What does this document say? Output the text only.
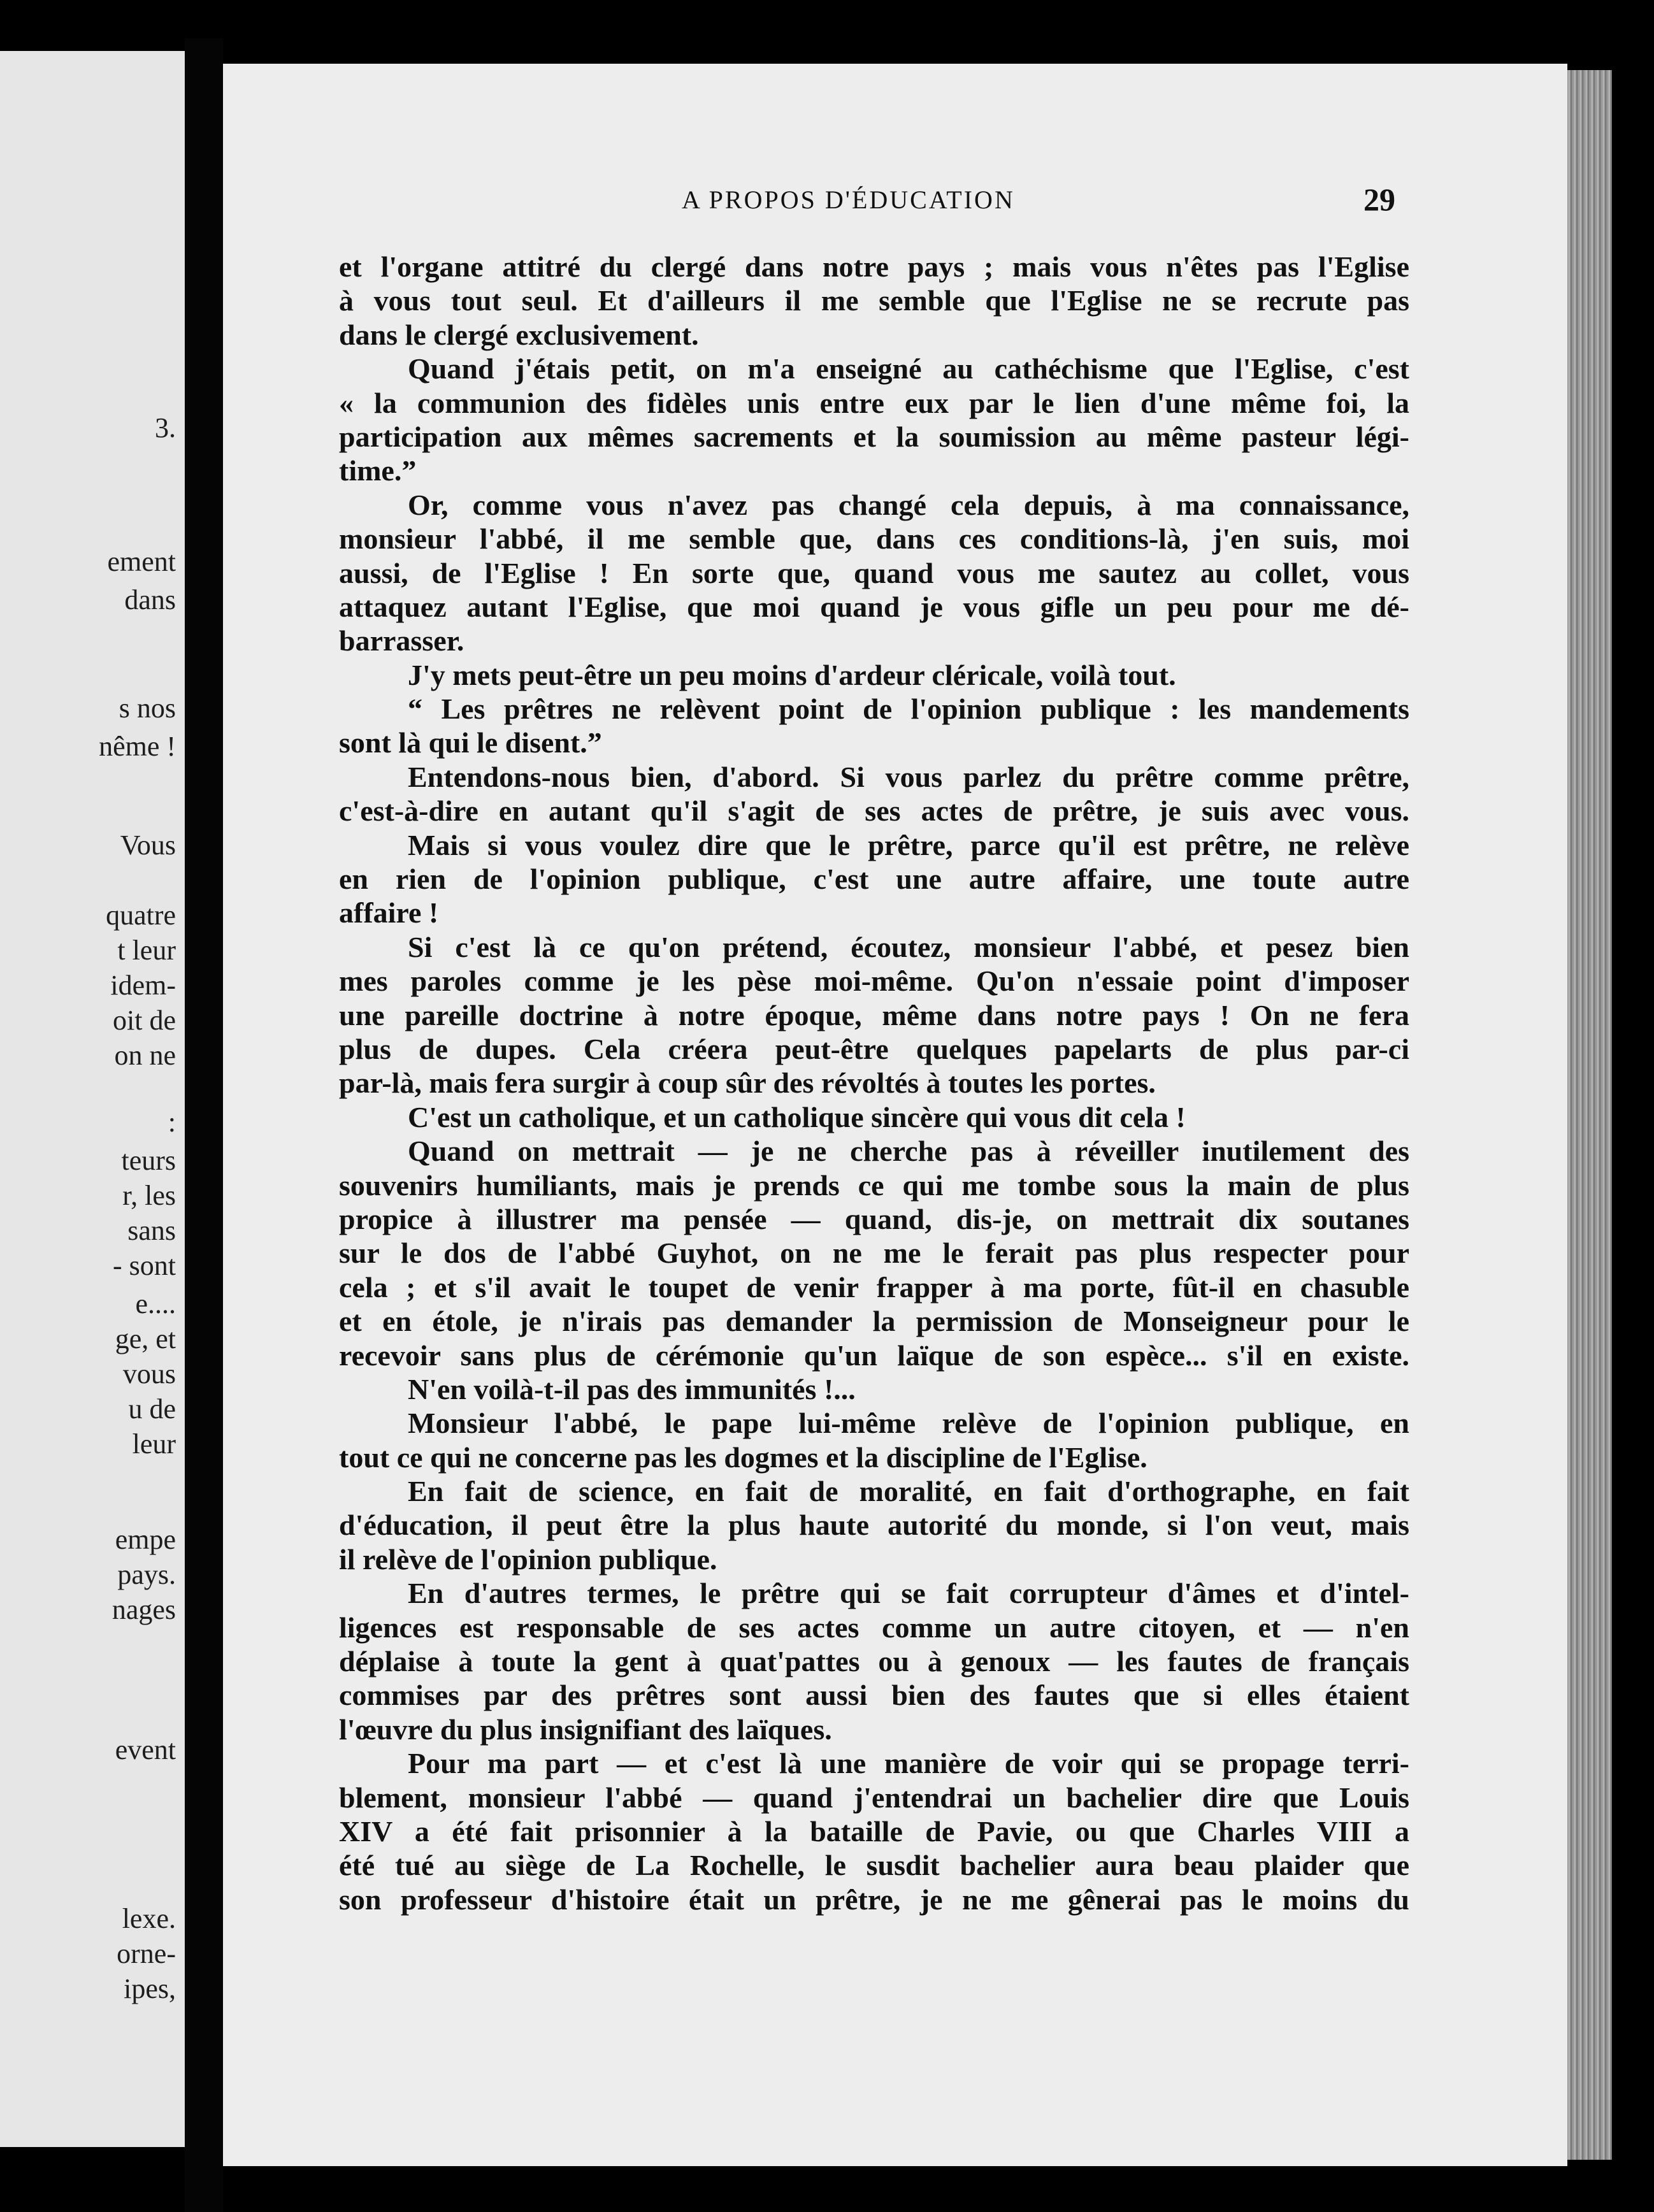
3.
ement
dans
s nos
nême !
Vous
quatre
t leur
idem-
oit de
on ne
:
teurs
r, les
sans
- sont
e....
ge, et
vous
u de
leur
empe
pays.
nages
event
lexe.
orne-
ipes,
A PROPOS D'ÉDUCATION	29
et l'organe attitré du clergé dans notre pays ; mais vous n'êtes pas l'Eglise
à vous tout seul. Et d'ailleurs il me semble que l'Eglise ne se recrute pas
dans le clergé exclusivement.
Quand j'étais petit, on m'a enseigné au cathéchisme que l'Eglise, c'est
« la communion des fidèles unis entre eux par le lien d'une même foi, la
participation aux mêmes sacrements et la soumission au même pasteur légi-
time.”
Or, comme vous n'avez pas changé cela depuis, à ma connaissance,
monsieur l'abbé, il me semble que, dans ces conditions-là, j'en suis, moi
aussi, de l'Eglise ! En sorte que, quand vous me sautez au collet, vous
attaquez autant l'Eglise, que moi quand je vous gifle un peu pour me dé-
barrasser.
J'y mets peut-être un peu moins d'ardeur cléricale, voilà tout.
“ Les prêtres ne relèvent point de l'opinion publique : les mandements
sont là qui le disent.”
Entendons-nous bien, d'abord. Si vous parlez du prêtre comme prêtre,
c'est-à-dire en autant qu'il s'agit de ses actes de prêtre, je suis avec vous.
Mais si vous voulez dire que le prêtre, parce qu'il est prêtre, ne relève
en rien de l'opinion publique, c'est une autre affaire, une toute autre
affaire !
Si c'est là ce qu'on prétend, écoutez, monsieur l'abbé, et pesez bien
mes paroles comme je les pèse moi-même. Qu'on n'essaie point d'imposer
une pareille doctrine à notre époque, même dans notre pays ! On ne fera
plus de dupes. Cela créera peut-être quelques papelarts de plus par-ci
par-là, mais fera surgir à coup sûr des révoltés à toutes les portes.
C'est un catholique, et un catholique sincère qui vous dit cela !
Quand on mettrait — je ne cherche pas à réveiller inutilement des
souvenirs humiliants, mais je prends ce qui me tombe sous la main de plus
propice à illustrer ma pensée — quand, dis-je, on mettrait dix soutanes
sur le dos de l'abbé Guyhot, on ne me le ferait pas plus respecter pour
cela ; et s'il avait le toupet de venir frapper à ma porte, fût-il en chasuble
et en étole, je n'irais pas demander la permission de Monseigneur pour le
recevoir sans plus de cérémonie qu'un laïque de son espèce... s'il en existe.
N'en voilà-t-il pas des immunités !...
Monsieur l'abbé, le pape lui-même relève de l'opinion publique, en
tout ce qui ne concerne pas les dogmes et la discipline de l'Eglise.
En fait de science, en fait de moralité, en fait d'orthographe, en fait
d'éducation, il peut être la plus haute autorité du monde, si l'on veut, mais
il relève de l'opinion publique.
En d'autres termes, le prêtre qui se fait corrupteur d'âmes et d'intel-
ligences est responsable de ses actes comme un autre citoyen, et — n'en
déplaise à toute la gent à quat'pattes ou à genoux — les fautes de français
commises par des prêtres sont aussi bien des fautes que si elles étaient
l'œuvre du plus insignifiant des laïques.
Pour ma part — et c'est là une manière de voir qui se propage terri-
blement, monsieur l'abbé — quand j'entendrai un bachelier dire que Louis
XIV a été fait prisonnier à la bataille de Pavie, ou que Charles VIII a
été tué au siège de La Rochelle, le susdit bachelier aura beau plaider que
son professeur d'histoire était un prêtre, je ne me gênerai pas le moins du
